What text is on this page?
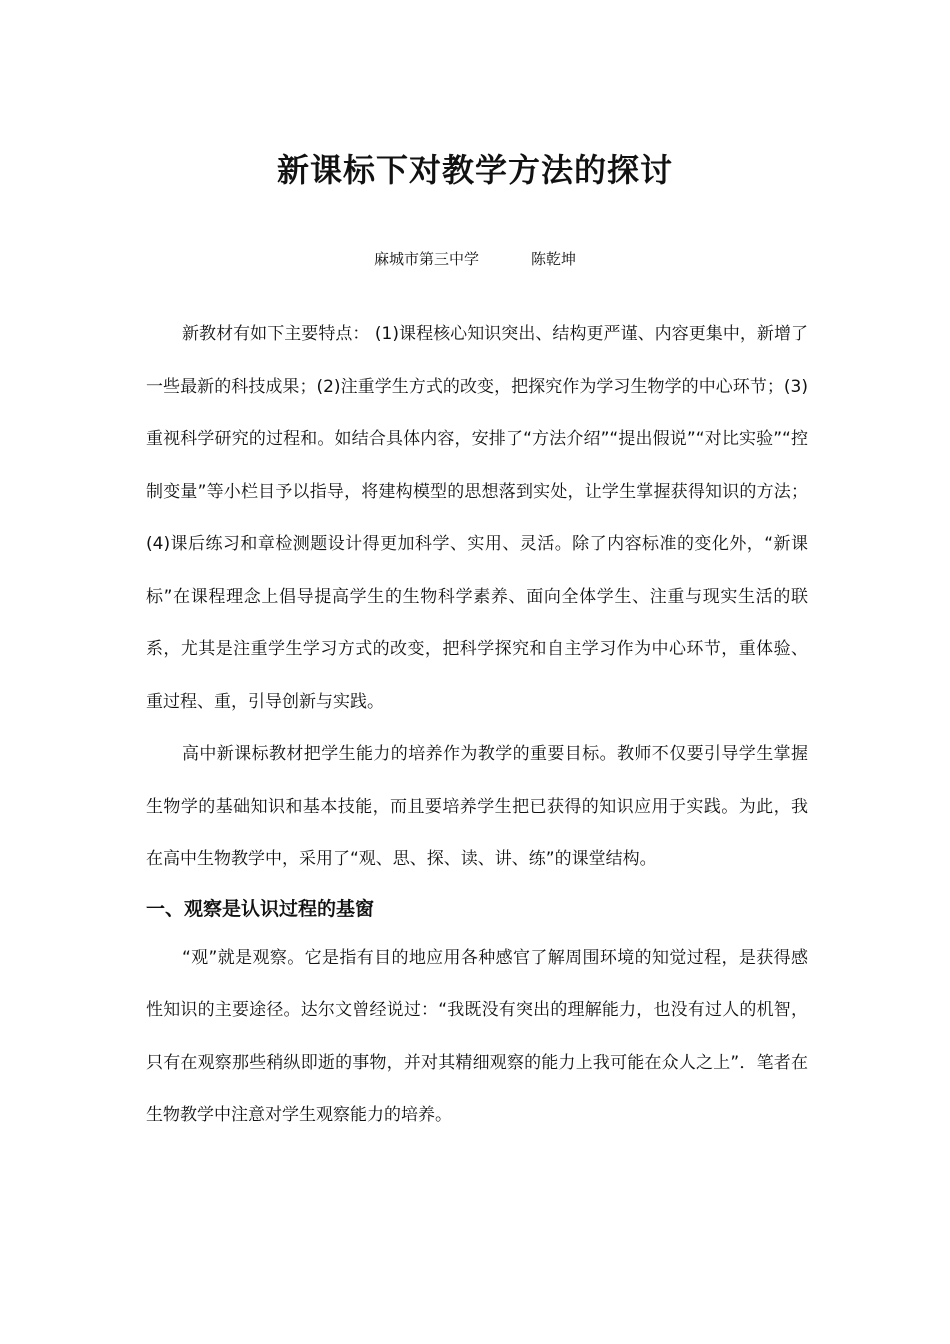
新课标下对教学方法的探讨
麻城市第三中学	陈乾坤

新教材有如下主要特点： (1)课程核心知识突出、结构更严谨、内容更集中，新增了一些最新的科技成果；(2)注重学生方式的改变，把探究作为学习生物学的中心环节；(3)重视科学研究的过程和。如结合具体内容，安排了“方法介绍”“提出假说”“对比实验”“控制变量”等小栏目予以指导，将建构模型的思想落到实处，让学生掌握获得知识的方法；(4)课后练习和章检测题设计得更加科学、实用、灵活。除了内容标准的变化外，“新课标”在课程理念上倡导提高学生的生物科学素养、面向全体学生、注重与现实生活的联系，尤其是注重学生学习方式的改变，把科学探究和自主学习作为中心环节，重体验、重过程、重，引导创新与实践。

高中新课标教材把学生能力的培养作为教学的重要目标。教师不仅要引导学生掌握生物学的基础知识和基本技能，而且要培养学生把已获得的知识应用于实践。为此，我在高中生物教学中，采用了“观、思、探、读、讲、练”的课堂结构。

一、观察是认识过程的基窗

“观”就是观察。它是指有目的地应用各种感官了解周围环境的知觉过程，是获得感性知识的主要途径。达尔文曾经说过：“我既没有突出的理解能力，也没有过人的机智，只有在观察那些稍纵即逝的事物，并对其精细观察的能力上我可能在众人之上”．笔者在生物教学中注意对学生观察能力的培养。
